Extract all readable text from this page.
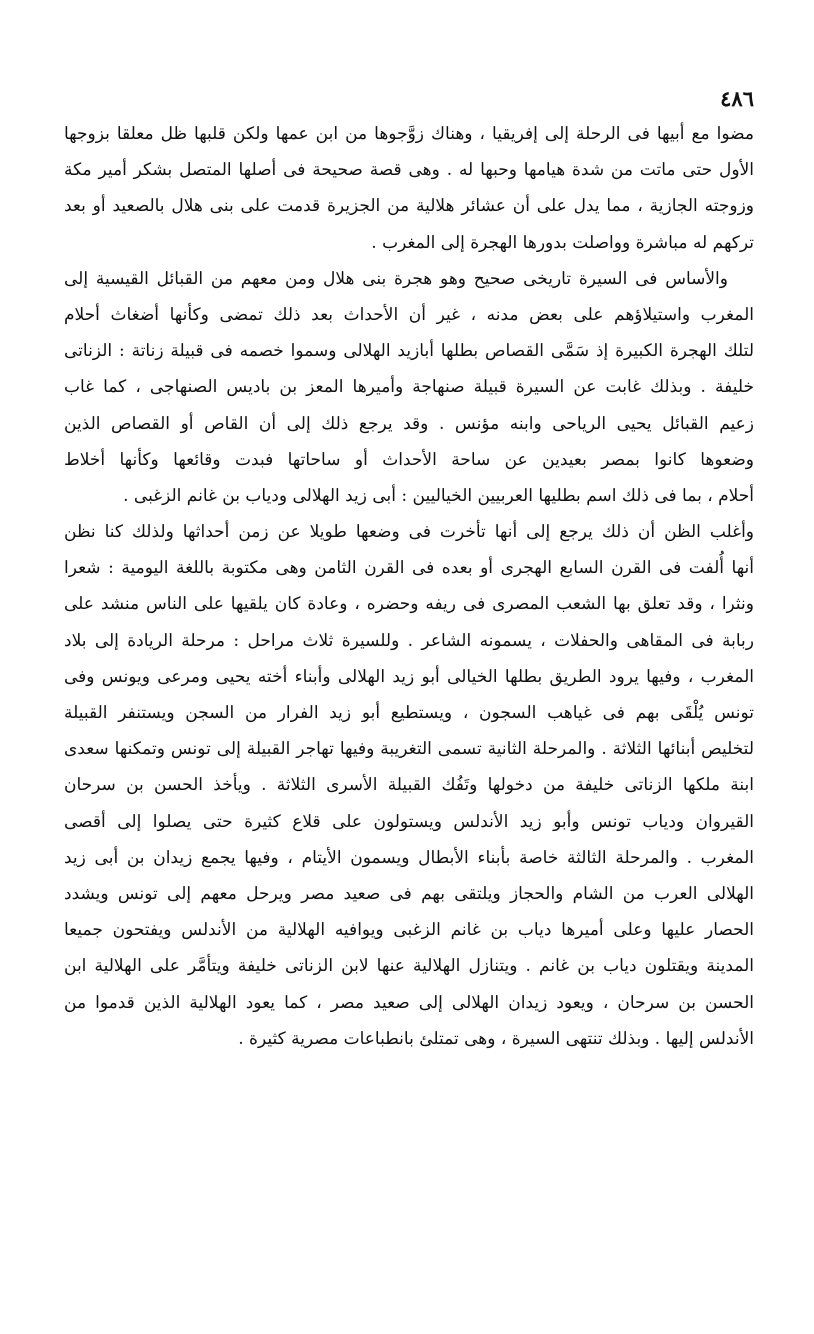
٤٨٦
مضوا مع أبيها فى الرحلة إلى إفريقيا ، وهناك زوَّجوها من ابن عمها ولكن قلبها ظل معلقا بزوجها
الأول حتى ماتت من شدة هيامها وحبها له . وهى قصة صحيحة فى أصلها المتصل بشكر أمير مكة
وزوجته الجازية ، مما يدل على أن عشائر هلالية من الجزيرة قدمت على بنى هلال بالصعيد أو بعد
تركهم له مباشرة وواصلت بدورها الهجرة إلى المغرب .
والأساس فى السيرة تاريخى صحيح وهو هجرة بنى هلال ومن معهم من القبائل القيسية إلى
المغرب واستيلاؤهم على بعض مدنه ، غير أن الأحداث بعد ذلك تمضى وكأنها أضغاث أحلام
لتلك الهجرة الكبيرة إذ سَمَّى القصاص بطلها أبازيد الهلالى وسموا خصمه فى قبيلة زناتة : الزناتى
خليفة . وبذلك غابت عن السيرة قبيلة صنهاجة وأميرها المعز بن باديس الصنهاجى ، كما غاب
زعيم القبائل يحيى الرياحى وابنه مؤنس . وقد يرجع ذلك إلى أن القاص أو القصاص الذين
وضعوها كانوا بمصر بعيدين عن ساحة الأحداث أو ساحاتها فبدت وقائعها وكأنها أخلاط
أحلام ، بما فى ذلك اسم بطليها العربيين الخياليين : أبى زيد الهلالى ودياب بن غانم الزغبى .
وأغلب الظن أن ذلك يرجع إلى أنها تأخرت فى وضعها طويلا عن زمن أحداثها ولذلك كنا نظن
أنها أُلفت فى القرن السابع الهجرى أو بعده فى القرن الثامن وهى مكتوبة باللغة اليومية : شعرا
ونثرا ، وقد تعلق بها الشعب المصرى فى ريفه وحضره ، وعادة كان يلقيها على الناس منشد على
ربابة فى المقاهى والحفلات ، يسمونه الشاعر . وللسيرة ثلاث مراحل : مرحلة الريادة إلى بلاد
المغرب ، وفيها يرود الطريق بطلها الخيالى أبو زيد الهلالى وأبناء أخته يحيى ومرعى ويونس وفى
تونس يُلْقَى بهم فى غياهب السجون ، ويستطيع أبو زيد الفرار من السجن ويستنفر القبيلة
لتخليص أبنائها الثلاثة . والمرحلة الثانية تسمى التغريبة وفيها تهاجر القبيلة إلى تونس وتمكنها سعدى
ابنة ملكها الزناتى خليفة من دخولها وتَفُك القبيلة الأسرى الثلاثة . ويأخذ الحسن بن سرحان
القيروان ودياب تونس وأبو زيد الأندلس ويستولون على قلاع كثيرة حتى يصلوا إلى أقصى
المغرب . والمرحلة الثالثة خاصة بأبناء الأبطال ويسمون الأيتام ، وفيها يجمع زيدان بن أبى زيد
الهلالى العرب من الشام والحجاز ويلتقى بهم فى صعيد مصر ويرحل معهم إلى تونس ويشدد
الحصار عليها وعلى أميرها دياب بن غانم الزغبى ويوافيه الهلالية من الأندلس ويفتحون جميعا
المدينة ويقتلون دياب بن غانم . ويتنازل الهلالية عنها لابن الزناتى خليفة ويتأمَّر على الهلالية ابن
الحسن بن سرحان ، ويعود زيدان الهلالى إلى صعيد مصر ، كما يعود الهلالية الذين قدموا من
الأندلس إليها . وبذلك تنتهى السيرة ، وهى تمتلئ بانطباعات مصرية كثيرة .
